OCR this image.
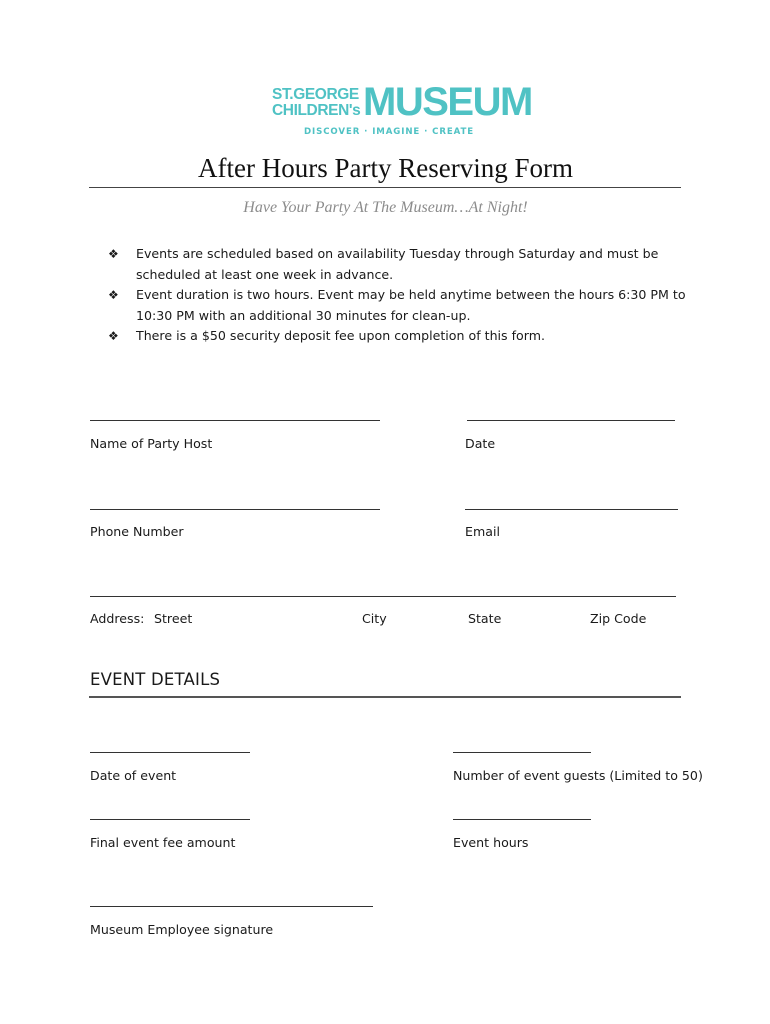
ST.GEORGE
CHILDREN's MUSEUM
DISCOVER · IMAGINE · CREATE
After Hours Party Reserving Form
Have Your Party At The Museum…At Night!
❖ Events are scheduled based on availability Tuesday through Saturday and must be scheduled at least one week in advance.
❖ Event duration is two hours. Event may be held anytime between the hours 6:30 PM to 10:30 PM with an additional 30 minutes for clean-up.
❖ There is a $50 security deposit fee upon completion of this form.
Name of Party Host	Date
Phone Number	Email
Address: Street	City	State	Zip Code
EVENT DETAILS
Date of event	Number of event guests (Limited to 50)
Final event fee amount	Event hours
Museum Employee signature
